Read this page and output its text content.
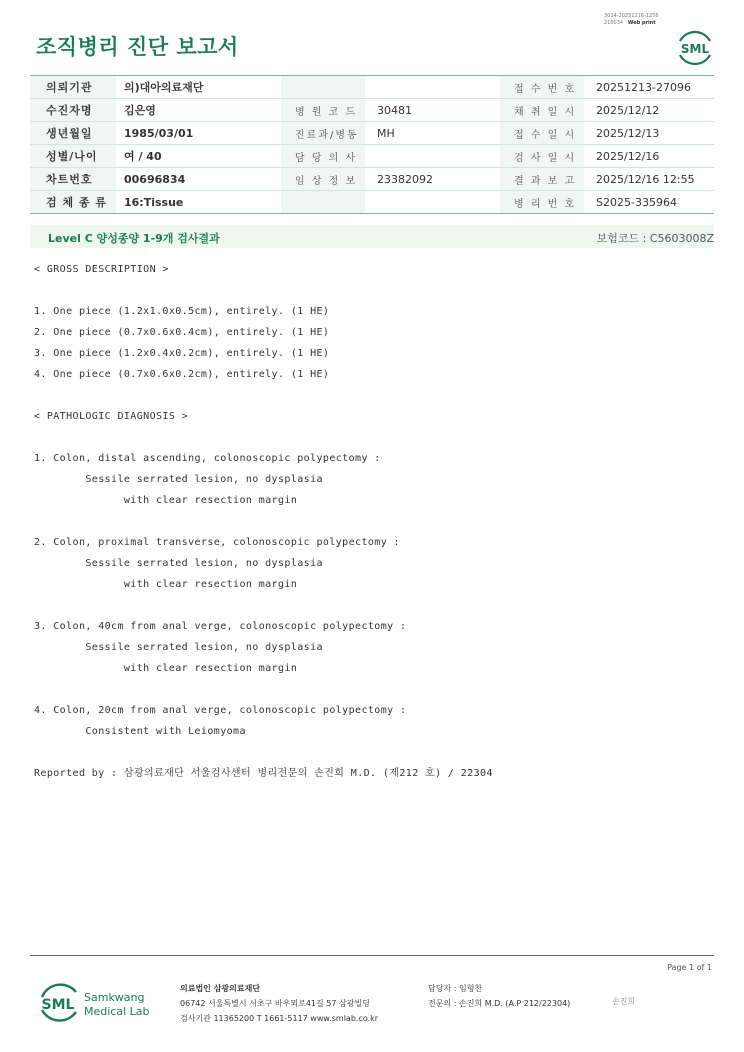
조직병리 진단 보고서
3014-20251216-1256
210034 Web print
SML
의뢰기관	의)대아의료재단			접 수 번 호	20251213-27096
수진자명	김은영	병 원 코 드	30481	채 취 일 시	2025/12/12
생년월일	1985/03/01	진료과/병동	MH	접 수 일 시	2025/12/13
성별/나이	여 / 40	담 당 의 사		검 사 일 시	2025/12/16
차트번호	00696834	임 상 정 보	23382092	결 과 보 고	2025/12/16 12:55
검 체 종 류	16:Tissue			병 리 번 호	S2025-335964
Level C 양성종양 1-9개 검사결과	보험코드 : C5603008Z
< GROSS DESCRIPTION >
1. One piece (1.2x1.0x0.5cm), entirely. (1 HE)
2. One piece (0.7x0.6x0.4cm), entirely. (1 HE)
3. One piece (1.2x0.4x0.2cm), entirely. (1 HE)
4. One piece (0.7x0.6x0.2cm), entirely. (1 HE)
< PATHOLOGIC DIAGNOSIS >
1. Colon, distal ascending, colonoscopic polypectomy :
Sessile serrated lesion, no dysplasia
with clear resection margin
2. Colon, proximal transverse, colonoscopic polypectomy :
Sessile serrated lesion, no dysplasia
with clear resection margin
3. Colon, 40cm from anal verge, colonoscopic polypectomy :
Sessile serrated lesion, no dysplasia
with clear resection margin
4. Colon, 20cm from anal verge, colonoscopic polypectomy :
Consistent with Leiomyoma
Reported by : 삼광의료재단 서울검사센터 병리전문의 손진희 M.D. (제212 호) / 22304
Page 1 of 1
SML Samkwang
Medical Lab
의료법인 삼광의료재단
06742 서울특별시 서초구 바우뫼로41길 57 삼광빌딩
검사기관 11365200 T 1661-5117 www.smlab.co.kr
담당자 : 임형찬
전문의 : 손진희 M.D. (A.P 212/22304)	손진희
